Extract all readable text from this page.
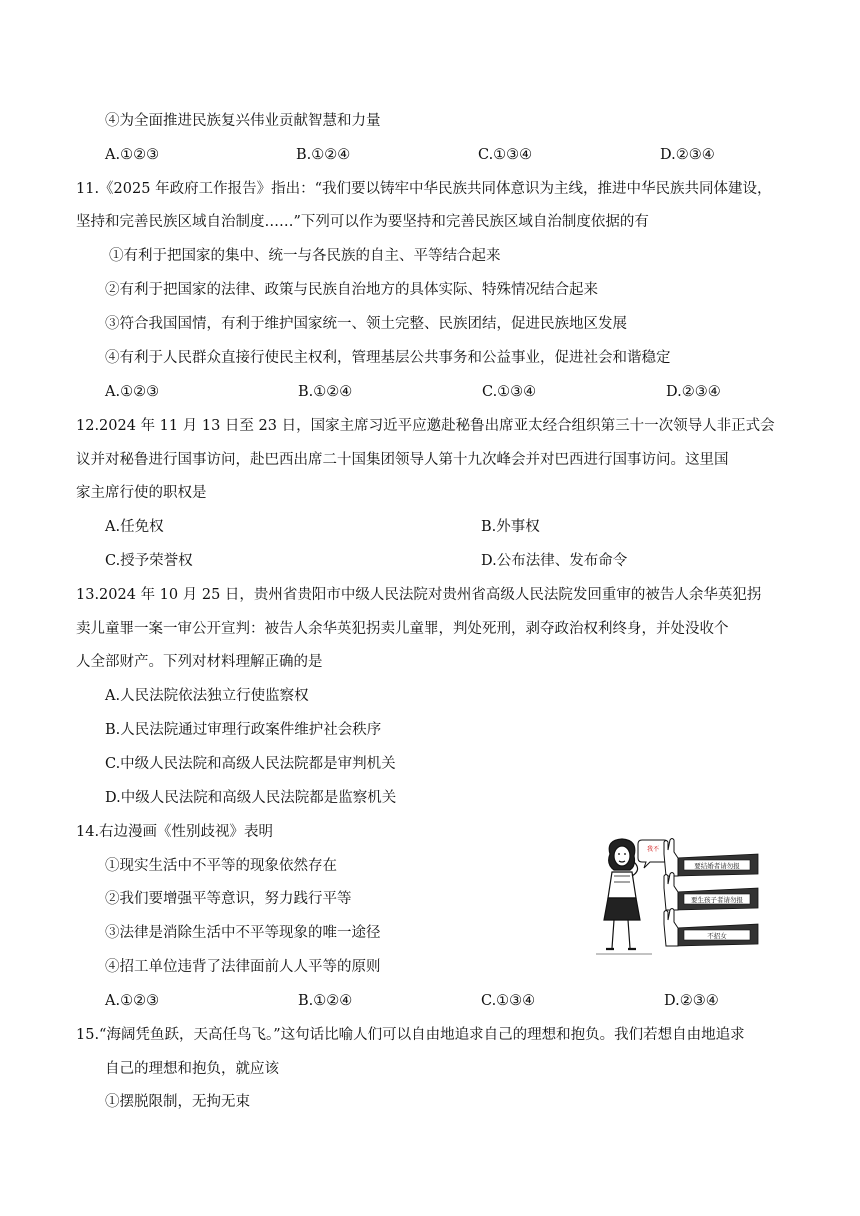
④为全面推进民族复兴伟业贡献智慧和力量
A.①②③	B.①②④	C.①③④	D.②③④
11.《2025 年政府工作报告》指出：“我们要以铸牢中华民族共同体意识为主线，推进中华民族共同体建设，
坚持和完善民族区域自治制度……”下列可以作为要坚持和完善民族区域自治制度依据的有
①有利于把国家的集中、统一与各民族的自主、平等结合起来
②有利于把国家的法律、政策与民族自治地方的具体实际、特殊情况结合起来
③符合我国国情，有利于维护国家统一、领土完整、民族团结，促进民族地区发展
④有利于人民群众直接行使民主权利，管理基层公共事务和公益事业，促进社会和谐稳定
A.①②③	B.①②④	C.①③④	D.②③④
12.2024 年 11 月 13 日至 23 日，国家主席习近平应邀赴秘鲁出席亚太经合组织第三十一次领导人非正式会
议并对秘鲁进行国事访问，赴巴西出席二十国集团领导人第十九次峰会并对巴西进行国事访问。这里国
家主席行使的职权是
A.任免权	B.外事权
C.授予荣誉权	D.公布法律、发布命令
13.2024 年 10 月 25 日，贵州省贵阳市中级人民法院对贵州省高级人民法院发回重审的被告人余华英犯拐
卖儿童罪一案一审公开宣判：被告人余华英犯拐卖儿童罪，判处死刑，剥夺政治权利终身，并处没收个
人全部财产。下列对材料理解正确的是
A.人民法院依法独立行使监察权
B.人民法院通过审理行政案件维护社会秩序
C.中级人民法院和高级人民法院都是审判机关
D.中级人民法院和高级人民法院都是监察机关
14.右边漫画《性别歧视》表明
①现实生活中不平等的现象依然存在
②我们要增强平等意识，努力践行平等
③法律是消除生活中不平等现象的唯一途径
④招工单位违背了法律面前人人平等的原则
A.①②③	B.①②④	C.①③④	D.②③④
我不
要结婚者请勿报
要生孩子者请勿报
不招女
15.“海阔凭鱼跃，天高任鸟飞。”这句话比喻人们可以自由地追求自己的理想和抱负。我们若想自由地追求
自己的理想和抱负，就应该
①摆脱限制，无拘无束
